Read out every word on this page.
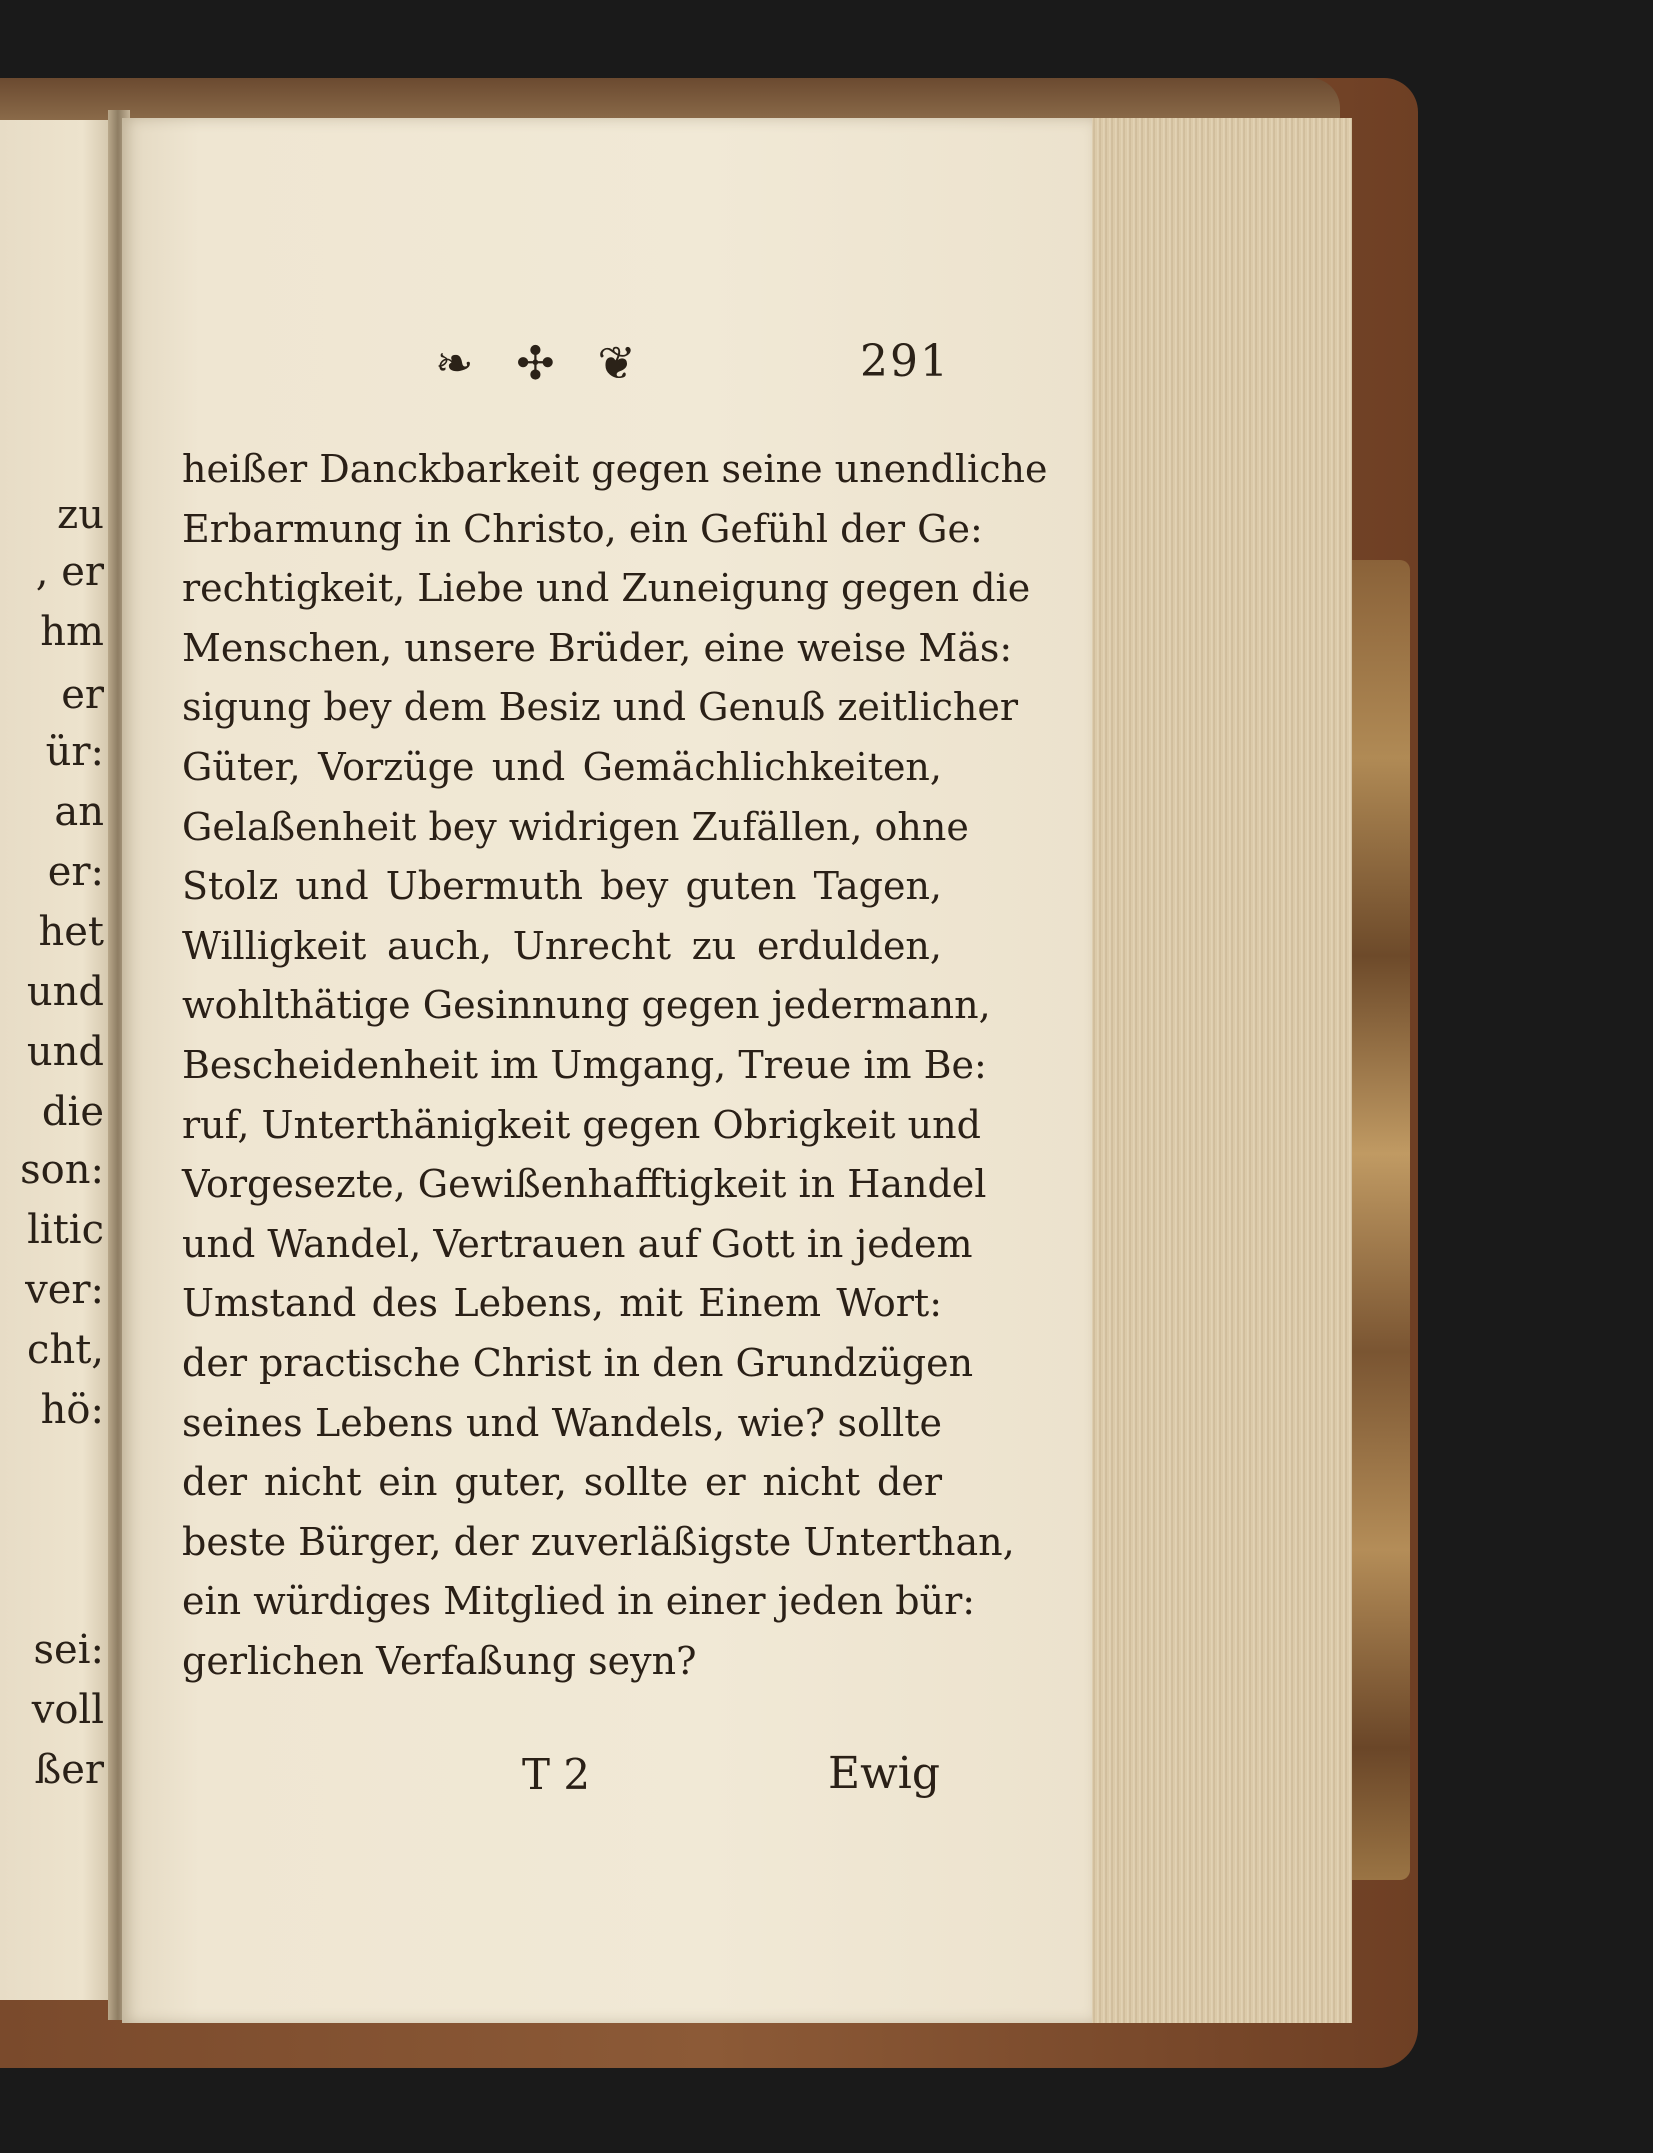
zu
, er
hm
er
ür:
an
er:
het
und
und
die
son:
litic
ver:
cht,
hö:
sei:
voll
ßer
❧ ✣ ❦	291
heißer Danckbarkeit gegen seine unendliche
Erbarmung in Christo, ein Gefühl der Ge:
rechtigkeit, Liebe und Zuneigung gegen die
Menschen, unsere Brüder, eine weise Mäs:
sigung bey dem Besiz und Genuß zeitlicher
Güter, Vorzüge und Gemächlichkeiten,
Gelaßenheit bey widrigen Zufällen, ohne
Stolz und Ubermuth bey guten Tagen,
Willigkeit auch, Unrecht zu erdulden,
wohlthätige Gesinnung gegen jedermann,
Bescheidenheit im Umgang, Treue im Be:
ruf, Unterthänigkeit gegen Obrigkeit und
Vorgesezte, Gewißenhafftigkeit in Handel
und Wandel, Vertrauen auf Gott in jedem
Umstand des Lebens, mit Einem Wort:
der practische Christ in den Grundzügen
seines Lebens und Wandels, wie? sollte
der nicht ein guter, sollte er nicht der
beste Bürger, der zuverläßigste Unterthan,
ein würdiges Mitglied in einer jeden bür:
gerlichen Verfaßung seyn?
T 2	Ewig
